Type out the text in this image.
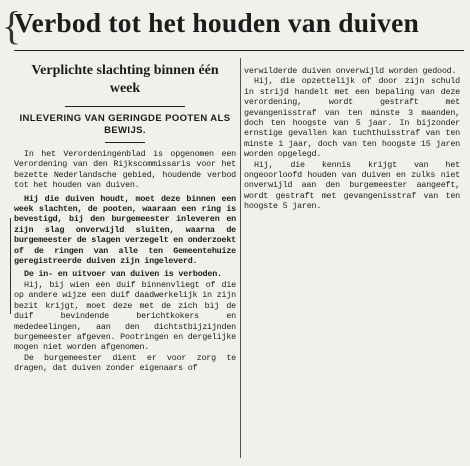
{
Verbod tot het houden van duiven
Verplichte slachting binnen één week
INLEVERING VAN GERINGDE POOTEN ALS BEWIJS.

In het Verordeningenblad is opgenomen een Verordening van den Rijkscommissaris voor het bezette Nederlandsche gebied, houdende verbod tot het houden van duiven.

Hij die duiven houdt, moet deze binnen een week slachten, de pooten, waaraan een ring is bevestigd, bij den burgemeester inleveren en zijn slag onverwijld sluiten, waarna de burgemeester de slagen verzegelt en onderzoekt of de ringen van alle ten Gemeentehuize geregistreerde duiven zijn ingeleverd.

De in- en uitvoer van duiven is verboden.

Hij, bij wien een duif binnenvliegt of die op andere wijze een duif daadwerkelijk in zijn bezit krijgt, moet deze met de zich bij de duif bevindende berichtkokers en mededeelingen, aan den dichtstbijzijnden burgemeester afgeven. Pootringen en dergelijke mogen niet worden afgenomen.

De burgemeester dient er voor zorg te dragen, dat duiven zonder eigenaars of

verwilderde duiven onverwijld worden gedood.

Hij, die opzettelijk of door zijn schuld in strijd handelt met een bepaling van deze verordening, wordt gestraft met gevangenisstraf van ten minste 3 maanden, doch ten hoogste van 5 jaar. In bijzonder ernstige gevallen kan tuchthuisstraf van ten minste 1 jaar, doch van ten hoogste 15 jaren worden opgelegd.

Hij, die kennis krijgt van het ongeoorloofd houden van duiven en zulks niet onverwijld aan den burgemeester aangeeft, wordt gestraft met gevangenisstraf van ten hoogste 5 jaren.
